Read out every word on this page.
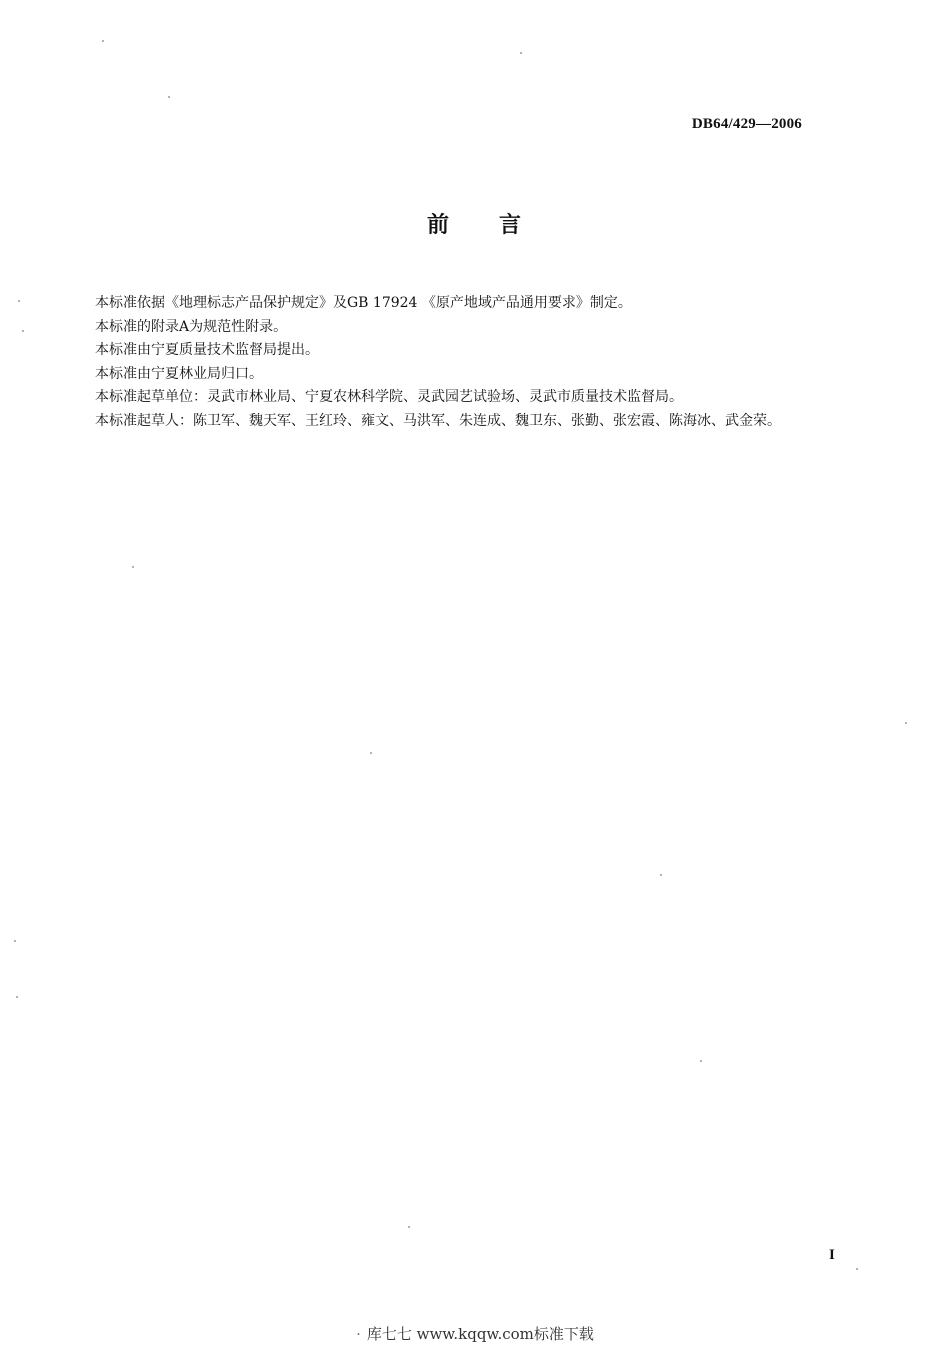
DB64/429—2006
前 言

本标准依据《地理标志产品保护规定》及GB 17924 《原产地域产品通用要求》制定。

本标准的附录A为规范性附录。

本标准由宁夏质量技术监督局提出。

本标准由宁夏林业局归口。

本标准起草单位：灵武市林业局、宁夏农林科学院、灵武园艺试验场、灵武市质量技术监督局。

本标准起草人：陈卫军、魏天军、王红玲、雍文、马洪军、朱连成、魏卫东、张勤、张宏霞、陈海冰、武金荣。

I
· 库七七 www.kqqw.com标准下载
